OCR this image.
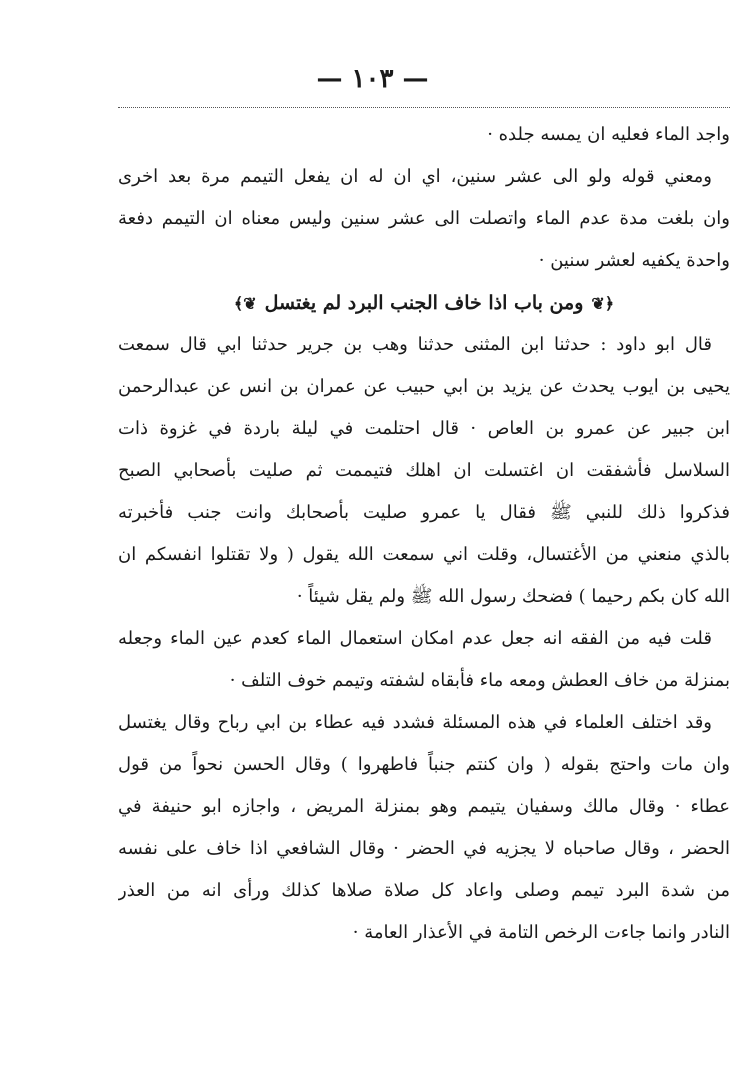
— ١٠٣ —
واجد الماء فعليه ان يمسه جلده ·
ومعني قوله ولو الى عشر سنين، اي ان له ان يفعل التيمم مرة بعد اخرى
وان بلغت مدة عدم الماء واتصلت الى عشر سنين وليس معناه ان التيمم دفعة
واحدة يكفيه لعشر سنين ·
﴿❦ومن باب اذا خاف الجنب البرد لم يغتسل❦﴾
قال ابو داود : حدثنا ابن المثنى حدثنا وهب بن جرير حدثنا ابي قال سمعت
يحيى بن ايوب يحدث عن يزيد بن ابي حبيب عن عمران بن انس عن عبدالرحمن
ابن جبير عن عمرو بن العاص · قال احتلمت في ليلة باردة في غزوة ذات
السلاسل فأشفقت ان اغتسلت ان اهلك فتيممت ثم صليت بأصحابي الصبح
فذكروا ذلك للنبي ﷺ فقال يا عمرو صليت بأصحابك وانت جنب فأخبرته
بالذي منعني من الأغتسال، وقلت اني سمعت الله يقول ( ولا تقتلوا انفسكم ان
الله كان بكم رحيما ) فضحك رسول الله ﷺ ولم يقل شيئاً ·
قلت فيه من الفقه انه جعل عدم امكان استعمال الماء كعدم عين الماء وجعله
بمنزلة من خاف العطش ومعه ماء فأبقاه لشفته وتيمم خوف التلف ·
وقد اختلف العلماء في هذه المسئلة فشدد فيه عطاء بن ابي رباح وقال يغتسل
وان مات واحتج بقوله ( وان كنتم جنباً فاطهروا ) وقال الحسن نحواً من قول
عطاء · وقال مالك وسفيان يتيمم وهو بمنزلة المريض ، واجازه ابو حنيفة في
الحضر ، وقال صاحباه لا يجزيه في الحضر · وقال الشافعي اذا خاف على نفسه
من شدة البرد تيمم وصلى واعاد كل صلاة صلاها كذلك ورأى انه من العذر
النادر وانما جاءت الرخص التامة في الأعذار العامة ·
